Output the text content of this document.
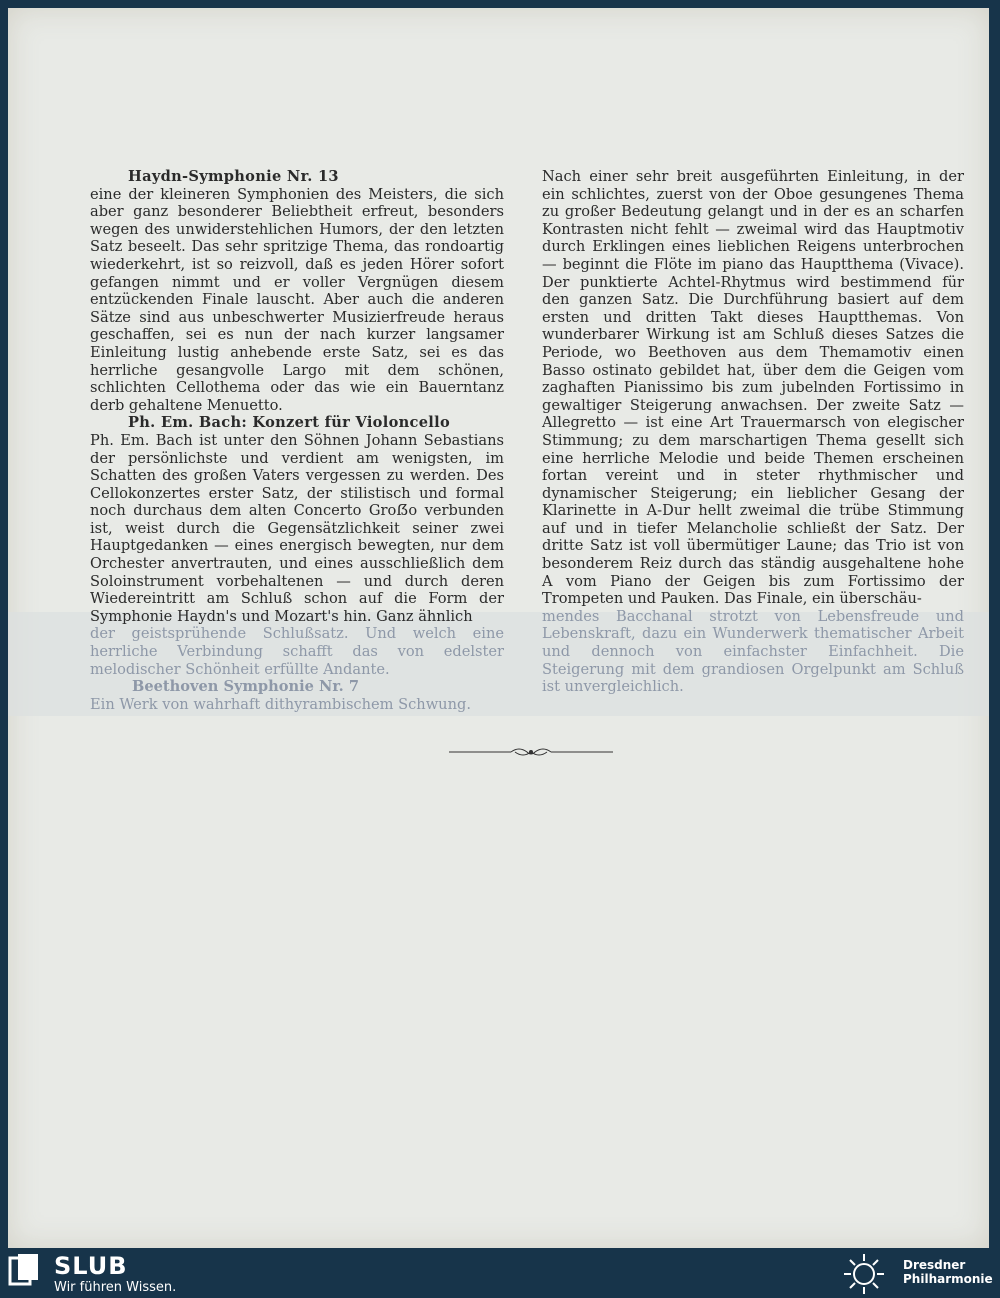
Haydn-Symphonie Nr. 13

eine der kleineren Symphonien des Meisters, die sich aber ganz besonderer Beliebtheit erfreut, besonders wegen des unwiderstehlichen Humors, der den letzten Satz beseelt. Das sehr spritzige Thema, das rondoartig wiederkehrt, ist so reizvoll, daß es jeden Hörer sofort gefangen nimmt und er voller Vergnügen diesem entzückenden Finale lauscht. Aber auch die anderen Sätze sind aus unbeschwerter Musizierfreude heraus geschaffen, sei es nun der nach kurzer langsamer Einleitung lustig anhebende erste Satz, sei es das herrliche gesangvolle Largo mit dem schönen, schlichten Cellothema oder das wie ein Bauerntanz derb gehaltene Menuetto.

Ph. Em. Bach: Konzert für Violoncello

Ph. Em. Bach ist unter den Söhnen Johann Sebastians der persönlichste und verdient am wenigsten, im Schatten des großen Vaters vergessen zu werden. Des Cellokonzertes erster Satz, der stilistisch und formal noch durchaus dem alten Concerto Groẞo verbunden ist, weist durch die Gegensätzlichkeit seiner zwei Hauptgedanken — eines energisch bewegten, nur dem Orchester anvertrauten, und eines ausschließlich dem Soloinstrument vorbehaltenen — und durch deren Wiedereintritt am Schluß schon auf die Form der Symphonie Haydn's und Mozart's hin. Ganz ähnlich

der geistsprühende Schlußsatz. Und welch eine herrliche Verbindung schafft das von edelster melodischer Schönheit erfüllte Andante.

Beethoven Symphonie Nr. 7

Ein Werk von wahrhaft dithyrambischem Schwung.

Nach einer sehr breit ausgeführten Einleitung, in der ein schlichtes, zuerst von der Oboe gesungenes Thema zu großer Bedeutung gelangt und in der es an scharfen Kontrasten nicht fehlt — zweimal wird das Hauptmotiv durch Erklingen eines lieblichen Reigens unterbrochen — beginnt die Flöte im piano das Hauptthema (Vivace). Der punktierte Achtel-Rhytmus wird bestimmend für den ganzen Satz. Die Durchführung basiert auf dem ersten und dritten Takt dieses Hauptthemas. Von wunderbarer Wirkung ist am Schluß dieses Satzes die Periode, wo Beethoven aus dem Themamotiv einen Basso ostinato gebildet hat, über dem die Geigen vom zaghaften Pianissimo bis zum jubelnden Fortissimo in gewaltiger Steigerung anwachsen. Der zweite Satz — Allegretto — ist eine Art Trauermarsch von elegischer Stimmung; zu dem marschartigen Thema gesellt sich eine herrliche Melodie und beide Themen erscheinen fortan vereint und in steter rhythmischer und dynamischer Steigerung; ein lieblicher Gesang der Klarinette in A-Dur hellt zweimal die trübe Stimmung auf und in tiefer Melancholie schließt der Satz. Der dritte Satz ist voll übermütiger Laune; das Trio ist von besonderem Reiz durch das ständig ausgehaltene hohe A vom Piano der Geigen bis zum Fortissimo der Trompeten und Pauken. Das Finale, ein überschäu-

mendes Bacchanal strotzt von Lebensfreude und Lebenskraft, dazu ein Wunderwerk thematischer Arbeit und dennoch von einfachster Einfachheit. Die Steigerung mit dem grandiosen Orgelpunkt am Schluß ist unvergleichlich.

SLUB
Wir führen Wissen.
Dresdner
Philharmonie
